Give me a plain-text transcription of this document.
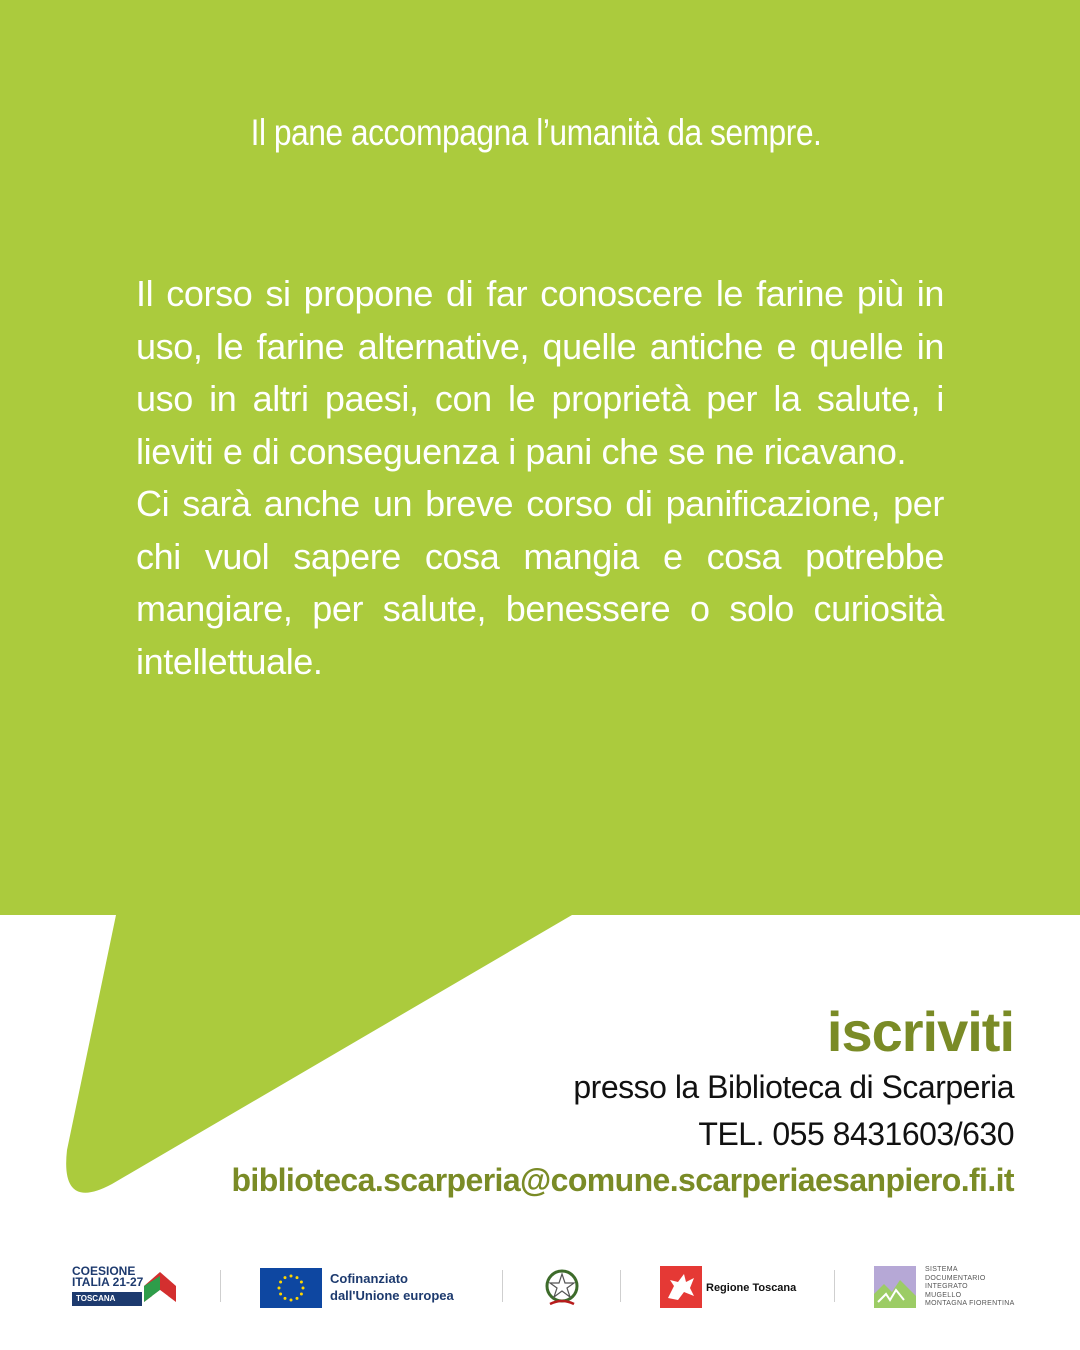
Il pane accompagna l’umanità da sempre.

Il corso si propone di far conoscere le farine più in uso, le farine alternative, quelle antiche e quelle in uso in altri paesi, con le proprietà per la salute, i lieviti e di conseguenza i pani che se ne ricavano.

Ci sarà anche un breve corso di panificazione, per chi vuol sapere cosa mangia e cosa potrebbe mangiare, per salute, benessere o solo curiosità intellettuale.

iscriviti
presso la Biblioteca di Scarperia
TEL. 055 8431603/630
biblioteca.scarperia@comune.scarperiaesanpiero.fi.it
COESIONE
ITALIA 21-27
TOSCANA
Cofinanziato
dall'Unione europea	Regione Toscana
SISTEMA
DOCUMENTARIO
INTEGRATO
MUGELLO
MONTAGNA FIORENTINA
